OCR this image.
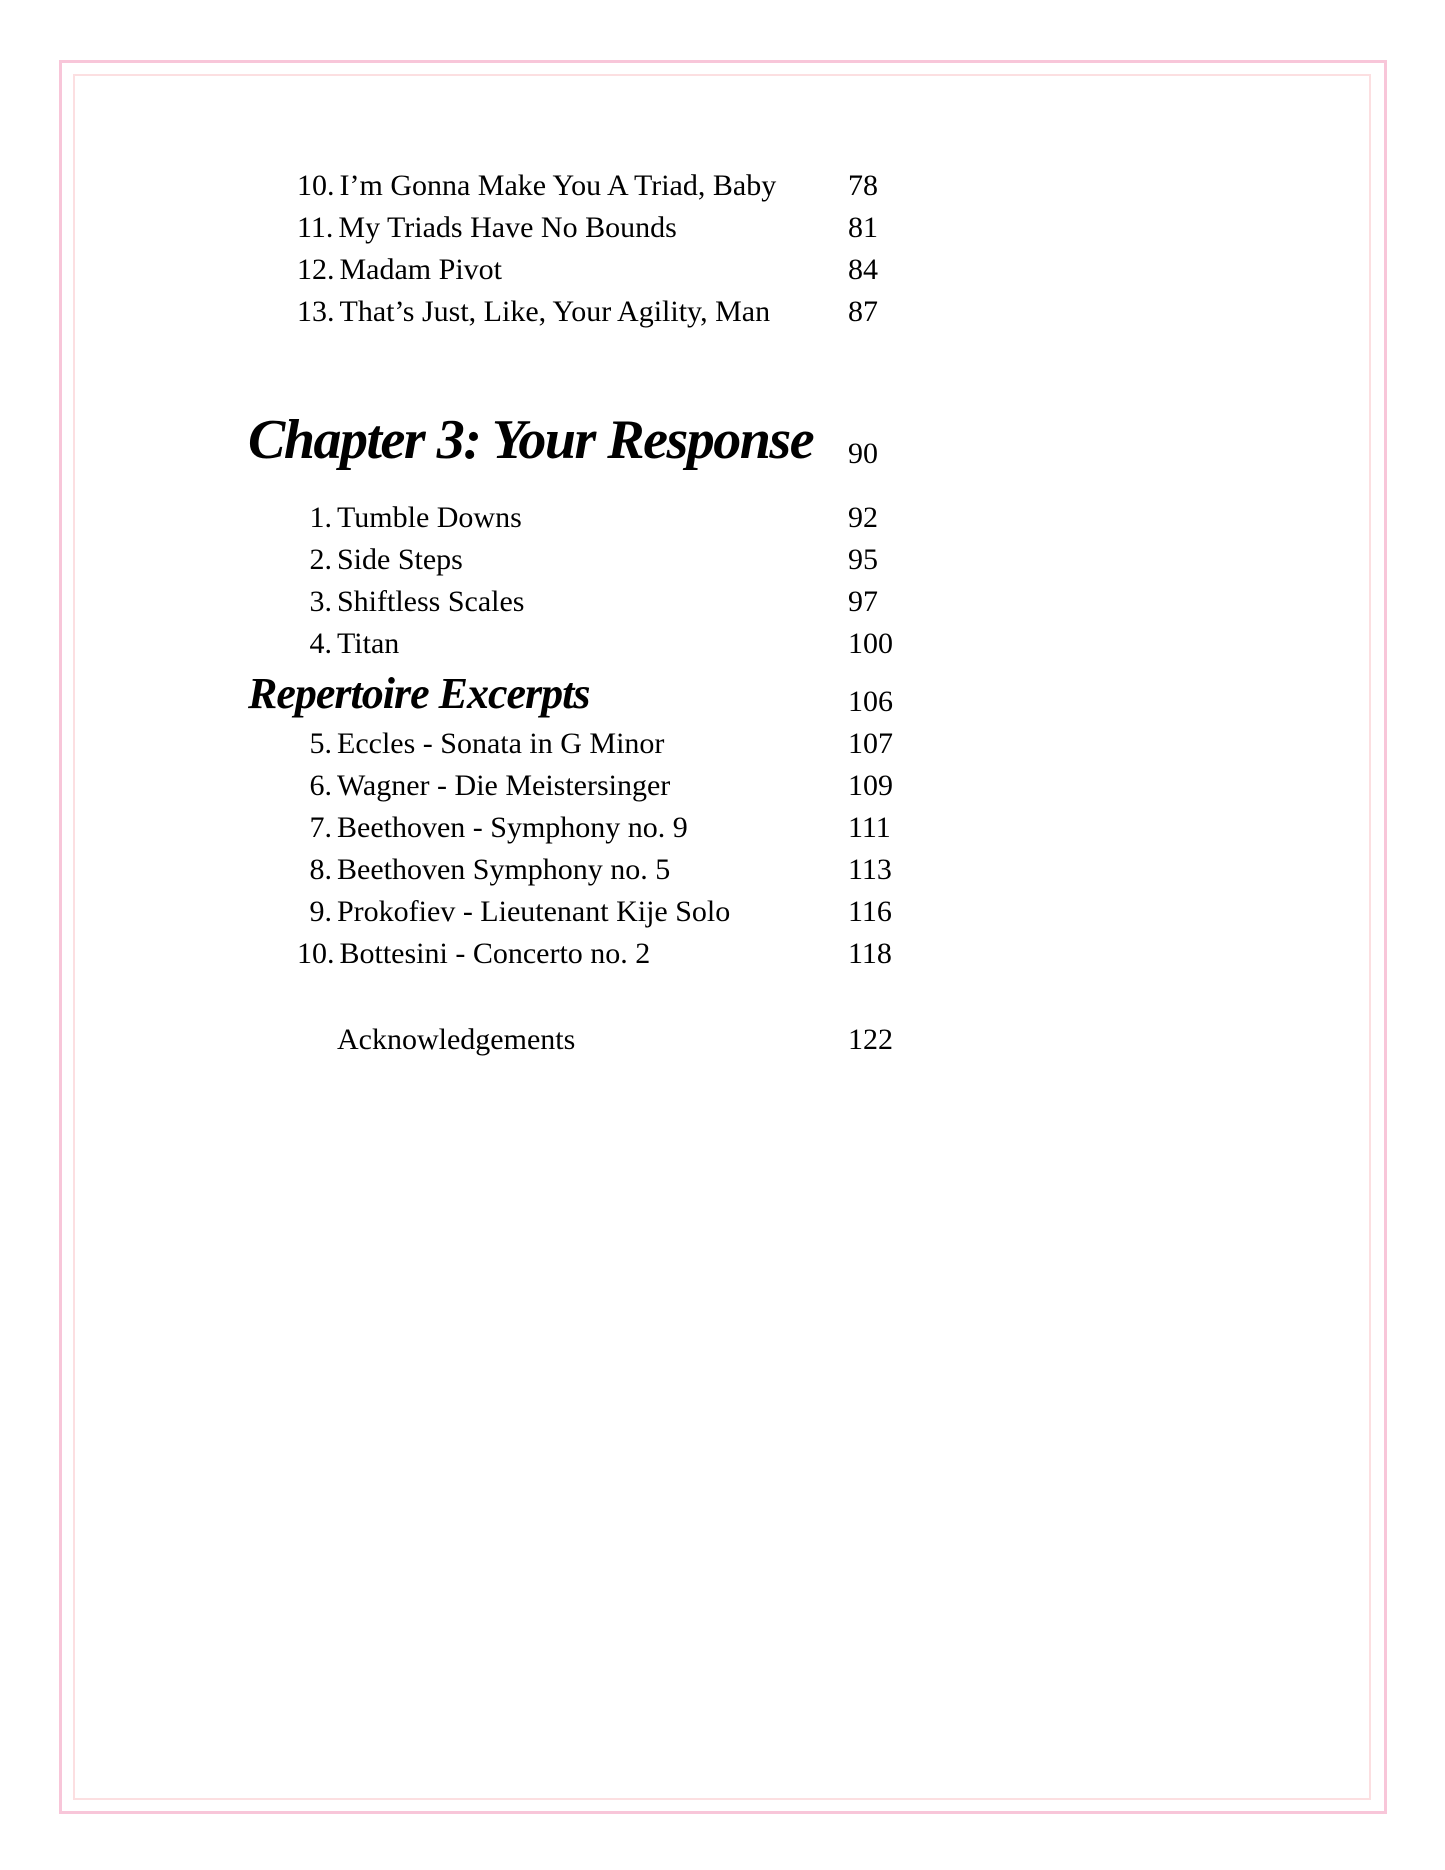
10. I’m Gonna Make You A Triad, Baby 78
11. My Triads Have No Bounds	81
12. Madam Pivot	84
13. That’s Just, Like, Your Agility, Man	87
Chapter 3: Your Response 90
1. Tumble Downs	92
2. Side Steps	95
3. Shiftless Scales	97
4. Titan	100
Repertoire Excerpts	106
5. Eccles - Sonata in G Minor	107
6. Wagner - Die Meistersinger	109
7. Beethoven - Symphony no. 9	111
8. Beethoven Symphony no. 5	113
9. Prokofiev - Lieutenant Kije Solo	116
10. Bottesini - Concerto no. 2	118
Acknowledgements	122
